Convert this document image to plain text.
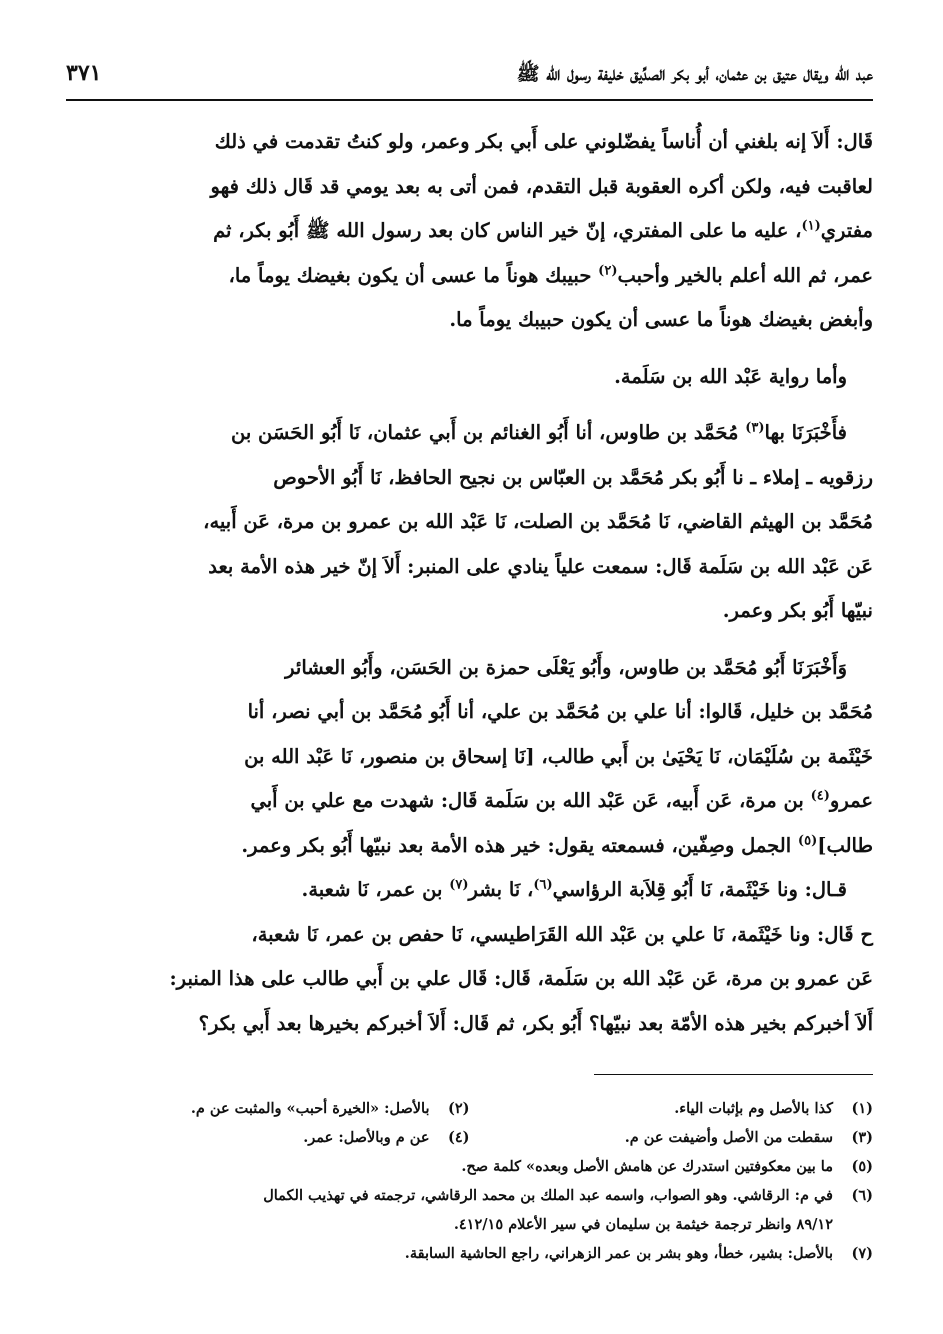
عبد الله ويقال عتيق بن عثمان، أبو بكر الصدِّيق خليفة رسول الله ﷺ
٣٧١

قَال: أَلاَ إنه بلغني أن أُناساً يفضّلوني على أَبي بكر وعمر، ولو كنتُ تقدمت في ذلك

لعاقبت فيه، ولكن أكره العقوبة قبل التقدم، فمن أتى به بعد يومي قد قَال ذلك فهو

مفتري$^{(١)}$، عليه ما على المفتري، إنّ خير الناس كان بعد رسول الله ﷺ أَبُو بكر، ثم

عمر، ثم الله أعلم بالخير وأحبب$^{(٢)}$ حبيبك هوناً ما عسى أن يكون بغيضك يوماً ما،

وأبغض بغيضك هوناً ما عسى أن يكون حبيبك يوماً ما.

وأما رواية عَبْد الله بن سَلَمة.

فأَخْبَرَنَا بها$^{(٣)}$ مُحَمَّد بن طاوس، أنا أَبُو الغنائم بن أَبي عثمان، نَا أَبُو الحَسَن بن

رزقويه ـ إملاء ـ نا أَبُو بكر مُحَمَّد بن العبّاس بن نجيح الحافظ، نَا أَبُو الأحوص

مُحَمَّد بن الهيثم القاضي، نَا مُحَمَّد بن الصلت، نَا عَبْد الله بن عمرو بن مرة، عَن أَبيه،

عَن عَبْد الله بن سَلَمة قَال: سمعت علياً ينادي على المنبر: أَلاَ إنّ خير هذه الأمة بعد

نبيّها أَبُو بكر وعمر.

وَأَخْبَرَنَا أَبُو مُحَمَّد بن طاوس، وأَبُو يَعْلَى حمزة بن الحَسَن، وأَبُو العشائر

مُحَمَّد بن خليل، قَالوا: أنا علي بن مُحَمَّد بن علي، أنا أَبُو مُحَمَّد بن أبي نصر، أنا

خَيْثَمة بن سُلَيْمَان، نَا يَحْيَىٰ بن أَبي طالب، [نَا إسحاق بن منصور، نَا عَبْد الله بن

عمرو$^{(٤)}$ بن مرة، عَن أَبيه، عَن عَبْد الله بن سَلَمة قَال: شهدت مع علي بن أَبي

طالب]$^{(٥)}$ الجمل وصِفّين، فسمعته يقول: خير هذه الأمة بعد نبيّها أَبُو بكر وعمر.

قـال: ونا خَيْثَمة، نَا أَبُو قِلاَبة الرؤاسي$^{(٦)}$، نَا بشر$^{(٧)}$ بن عمر، نَا شعبة.

ح قَال: ونا خَيْثَمة، نَا علي بن عَبْد الله القَرَاطيسي، نَا حفص بن عمر، نَا شعبة،

عَن عمرو بن مرة، عَن عَبْد الله بن سَلَمة، قَال: قَال علي بن أَبي طالب على هذا المنبر:

أَلاَ أخبركم بخير هذه الأمّة بعد نبيّها؟ أَبُو بكر، ثم قَال: أَلاَ أخبركم بخيرها بعد أَبي بكر؟

(١)كذا بالأصل وم بإثبات الياء.
(٢)بالأصل: «الخيرة أحبب» والمثبت عن م.
(٣)سقطت من الأصل وأضيفت عن م.
(٤)عن م وبالأصل: عمر.
(٥)ما بين معكوفتين استدرك عن هامش الأصل وبعده» كلمة صح.
(٦)في م: الرقاشي. وهو الصواب، واسمه عبد الملك بن محمد الرقاشي، ترجمته في تهذيب الكمال
٨٩/١٢ وانظر ترجمة خيثمة بن سليمان في سير الأعلام ٤١٢/١٥.
(٧)بالأصل: بشير، خطأ، وهو بشر بن عمر الزهراني، راجع الحاشية السابقة.
